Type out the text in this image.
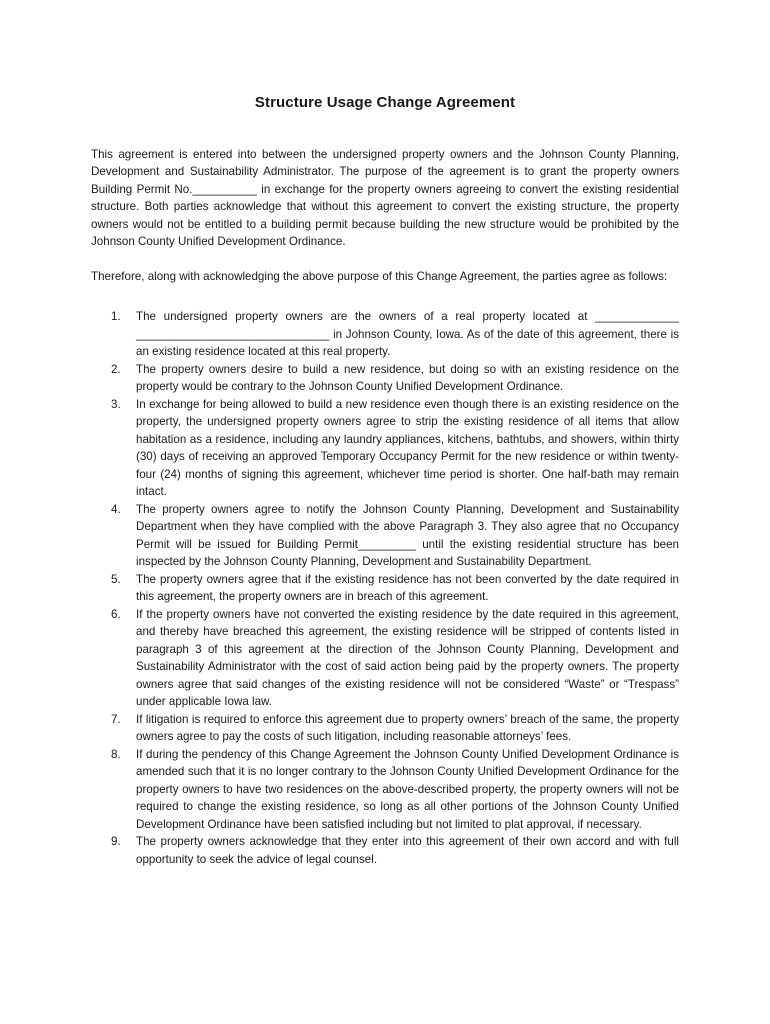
Structure Usage Change Agreement

This agreement is entered into between the undersigned property owners and the Johnson County Planning, Development and Sustainability Administrator. The purpose of the agreement is to grant the property owners Building Permit No.__________ in exchange for the property owners agreeing to convert the existing residential structure. Both parties acknowledge that without this agreement to convert the existing structure, the property owners would not be entitled to a building permit because building the new structure would be prohibited by the Johnson County Unified Development Ordinance.

Therefore, along with acknowledging the above purpose of this Change Agreement, the parties agree as follows:

1. The undersigned property owners are the owners of a real property located at _____________ ______________________________ in Johnson County, Iowa. As of the date of this agreement, there is an existing residence located at this real property.
2. The property owners desire to build a new residence, but doing so with an existing residence on the property would be contrary to the Johnson County Unified Development Ordinance.
3. In exchange for being allowed to build a new residence even though there is an existing residence on the property, the undersigned property owners agree to strip the existing residence of all items that allow habitation as a residence, including any laundry appliances, kitchens, bathtubs, and showers, within thirty (30) days of receiving an approved Temporary Occupancy Permit for the new residence or within twenty-four (24) months of signing this agreement, whichever time period is shorter. One half-bath may remain intact.
4. The property owners agree to notify the Johnson County Planning, Development and Sustainability Department when they have complied with the above Paragraph 3. They also agree that no Occupancy Permit will be issued for Building Permit_________ until the existing residential structure has been inspected by the Johnson County Planning, Development and Sustainability Department.
5. The property owners agree that if the existing residence has not been converted by the date required in this agreement, the property owners are in breach of this agreement.
6. If the property owners have not converted the existing residence by the date required in this agreement, and thereby have breached this agreement, the existing residence will be stripped of contents listed in paragraph 3 of this agreement at the direction of the Johnson County Planning, Development and Sustainability Administrator with the cost of said action being paid by the property owners. The property owners agree that said changes of the existing residence will not be considered “Waste” or “Trespass” under applicable Iowa law.
7. If litigation is required to enforce this agreement due to property owners’ breach of the same, the property owners agree to pay the costs of such litigation, including reasonable attorneys’ fees.
8. If during the pendency of this Change Agreement the Johnson County Unified Development Ordinance is amended such that it is no longer contrary to the Johnson County Unified Development Ordinance for the property owners to have two residences on the above-described property, the property owners will not be required to change the existing residence, so long as all other portions of the Johnson County Unified Development Ordinance have been satisfied including but not limited to plat approval, if necessary.
9. The property owners acknowledge that they enter into this agreement of their own accord and with full opportunity to seek the advice of legal counsel.
